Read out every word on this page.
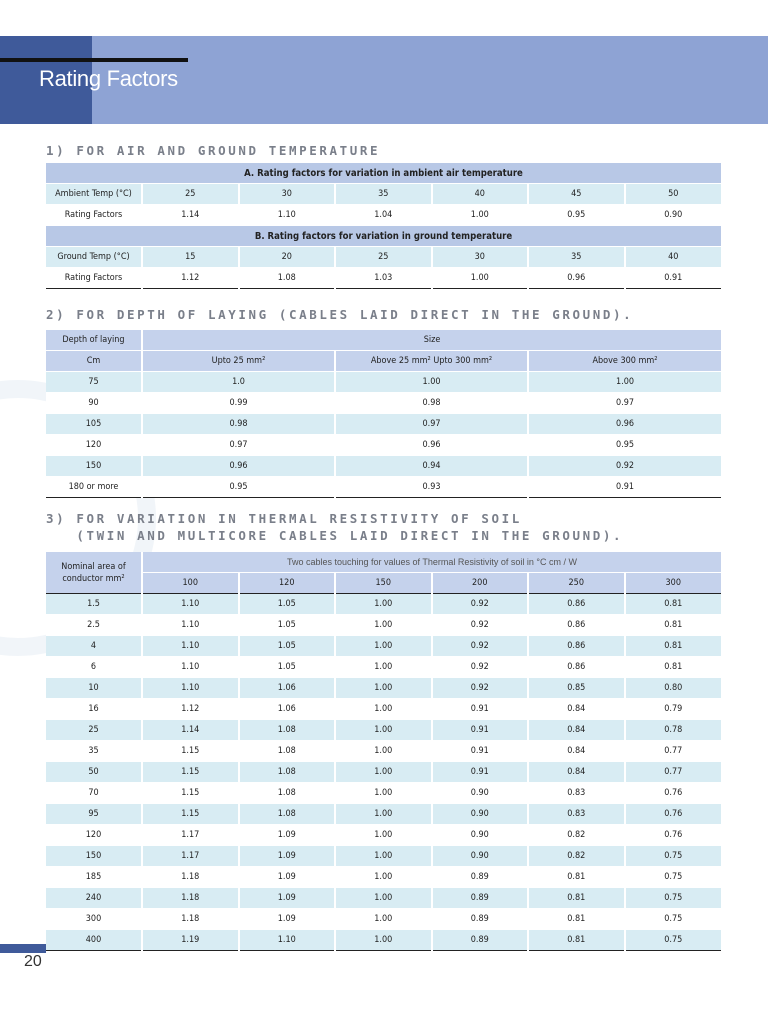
Rating Factors
1) FOR AIR AND GROUND TEMPERATURE
A. Rating factors for variation in ambient air temperature						
Ambient Temp (°C)	25	30	35	40	45	50
Rating Factors	1.14	1.10	1.04	1.00	0.95	0.90
B. Rating factors for variation in ground temperature						
Ground Temp (°C)	15	20	25	30	35	40
Rating Factors	1.12	1.08	1.03	1.00	0.96	0.91
2) FOR DEPTH OF LAYING (CABLES LAID DIRECT IN THE GROUND).
Depth of laying	Size		
Cm	Upto 25 mm²	Above 25 mm² Upto 300 mm²	Above 300 mm²
75	1.0	1.00	1.00
90	0.99	0.98	0.97
105	0.98	0.97	0.96
120	0.97	0.96	0.95
150	0.96	0.94	0.92
180 or more	0.95	0.93	0.91
3) FOR VARIATION IN THERMAL RESISTIVITY OF SOIL
(TWIN AND MULTICORE CABLES LAID DIRECT IN THE GROUND).
Nominal area of conductor mm²	Two cables touching for values of Thermal Resistivity of soil in °C cm / W					
	100	120	150	200	250	300
1.5	1.10	1.05	1.00	0.92	0.86	0.81
2.5	1.10	1.05	1.00	0.92	0.86	0.81
4	1.10	1.05	1.00	0.92	0.86	0.81
6	1.10	1.05	1.00	0.92	0.86	0.81
10	1.10	1.06	1.00	0.92	0.85	0.80
16	1.12	1.06	1.00	0.91	0.84	0.79
25	1.14	1.08	1.00	0.91	0.84	0.78
35	1.15	1.08	1.00	0.91	0.84	0.77
50	1.15	1.08	1.00	0.91	0.84	0.77
70	1.15	1.08	1.00	0.90	0.83	0.76
95	1.15	1.08	1.00	0.90	0.83	0.76
120	1.17	1.09	1.00	0.90	0.82	0.76
150	1.17	1.09	1.00	0.90	0.82	0.75
185	1.18	1.09	1.00	0.89	0.81	0.75
240	1.18	1.09	1.00	0.89	0.81	0.75
300	1.18	1.09	1.00	0.89	0.81	0.75
400	1.19	1.10	1.00	0.89	0.81	0.75
20
